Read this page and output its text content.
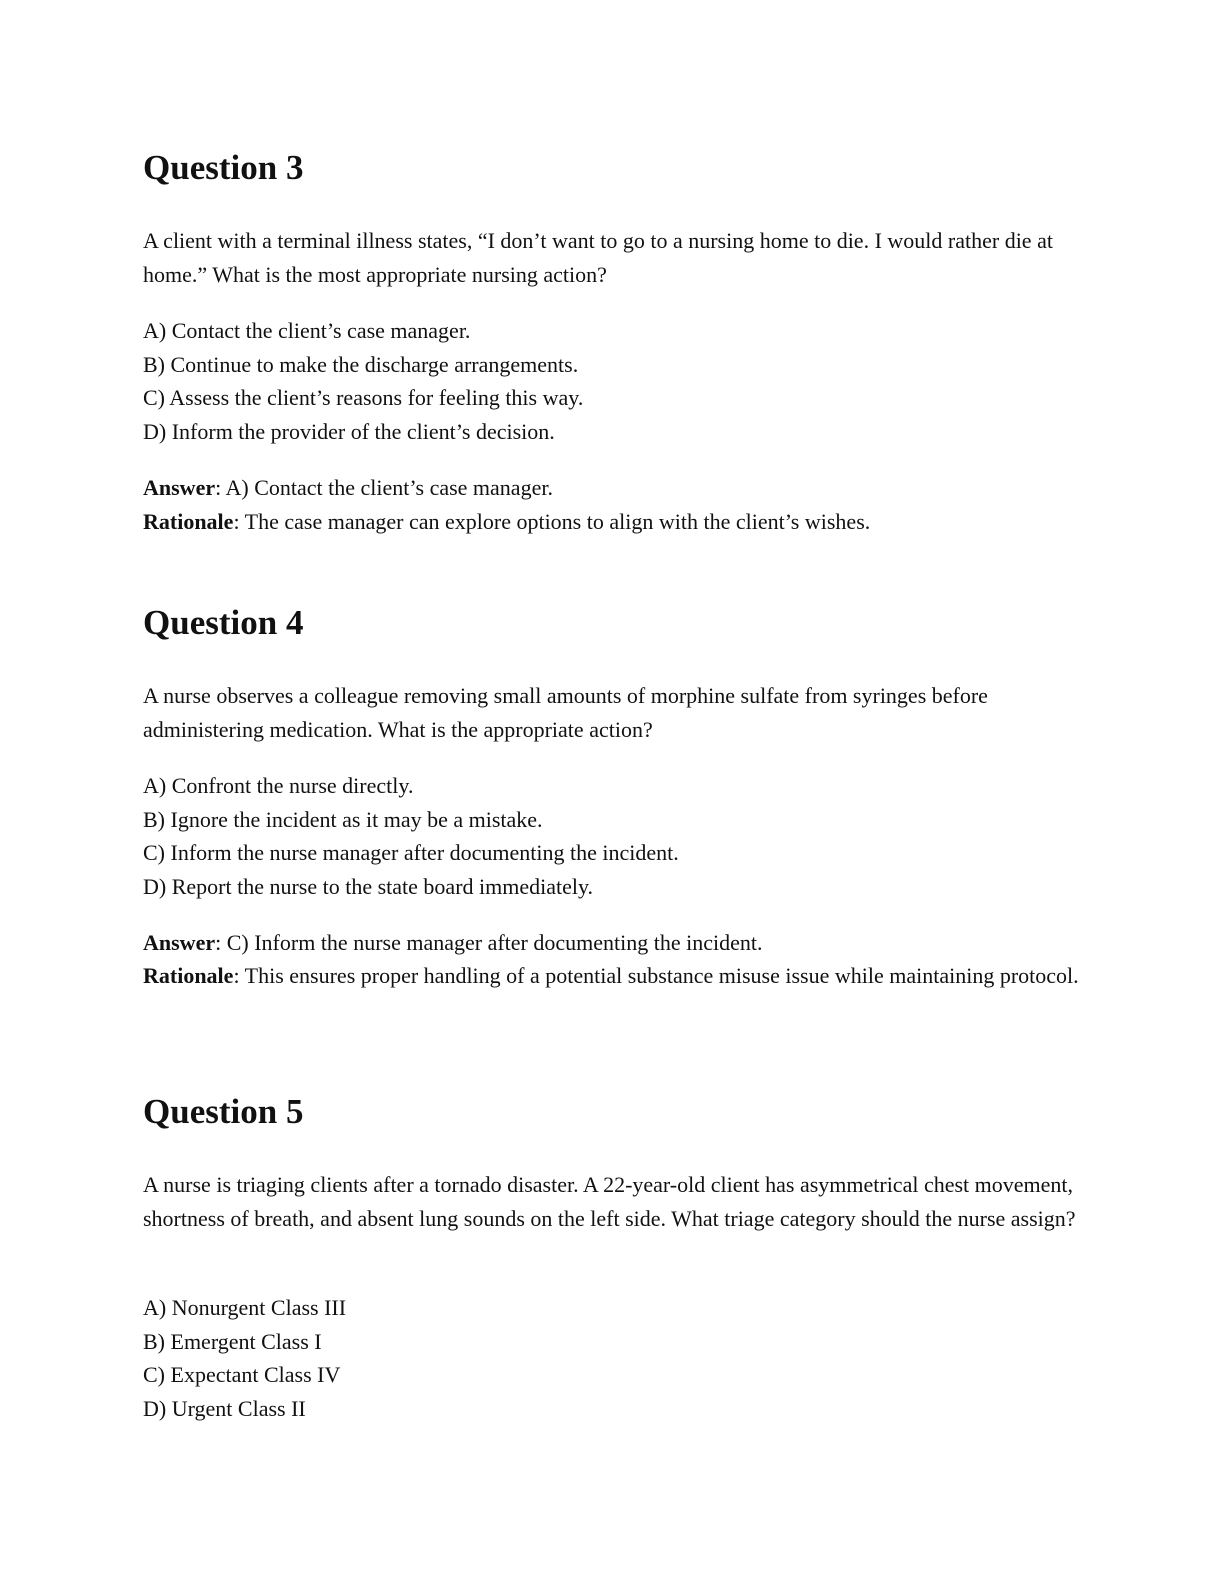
Question 3

A client with a terminal illness states, “I don’t want to go to a nursing home to die. I would rather die at home.” What is the most appropriate nursing action?

A) Contact the client’s case manager.
B) Continue to make the discharge arrangements.
C) Assess the client’s reasons for feeling this way.
D) Inform the provider of the client’s decision.

Answer: A) Contact the client’s case manager.

Rationale: The case manager can explore options to align with the client’s wishes.

Question 4

A nurse observes a colleague removing small amounts of morphine sulfate from syringes before administering medication. What is the appropriate action?

A) Confront the nurse directly.
B) Ignore the incident as it may be a mistake.
C) Inform the nurse manager after documenting the incident.
D) Report the nurse to the state board immediately.

Answer: C) Inform the nurse manager after documenting the incident.

Rationale: This ensures proper handling of a potential substance misuse issue while maintaining protocol.

Question 5

A nurse is triaging clients after a tornado disaster. A 22-year-old client has asymmetrical chest movement, shortness of breath, and absent lung sounds on the left side. What triage category should the nurse assign?

A) Nonurgent Class III
B) Emergent Class I
C) Expectant Class IV
D) Urgent Class II
